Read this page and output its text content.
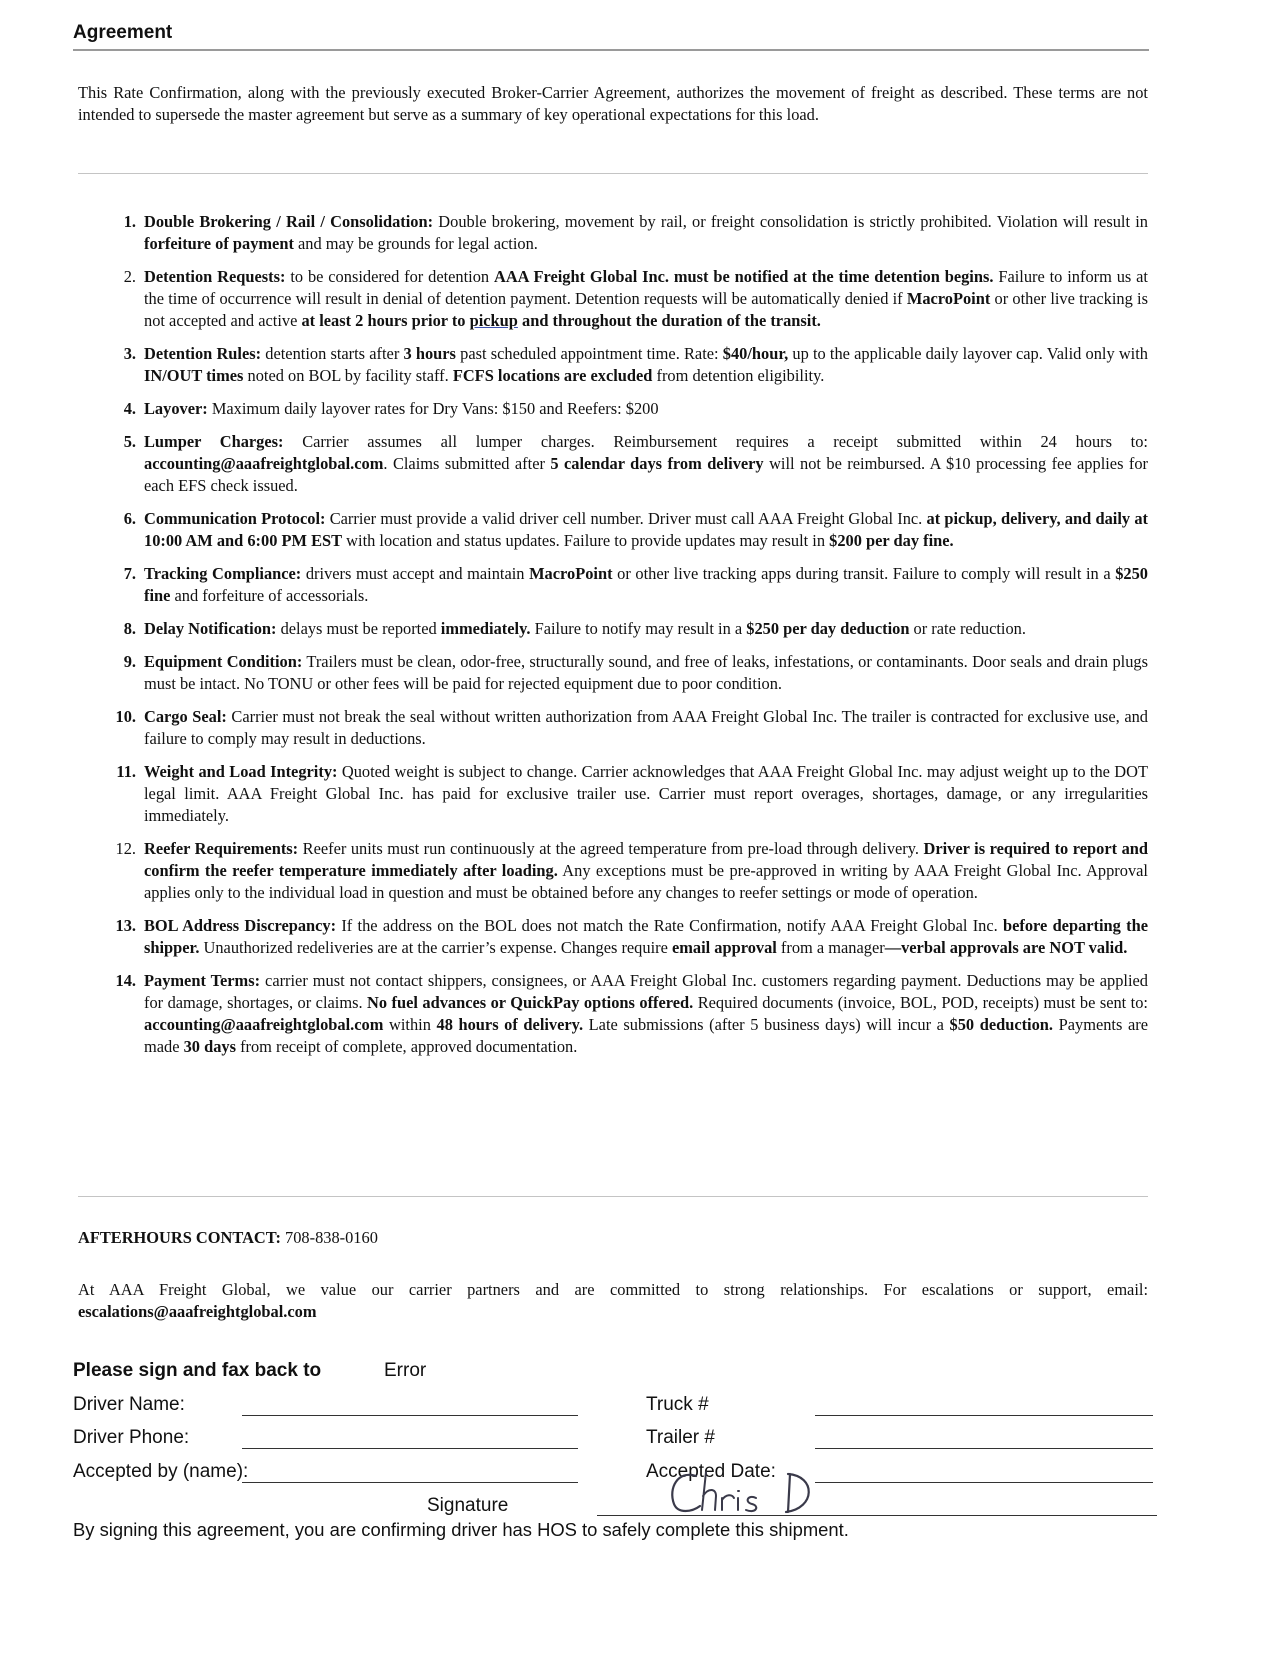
Agreement

This Rate Confirmation, along with the previously executed Broker-Carrier Agreement, authorizes the movement of freight as described. These terms are not intended to supersede the master agreement but serve as a summary of key operational expectations for this load.

1. Double Brokering / Rail / Consolidation: Double brokering, movement by rail, or freight consolidation is strictly prohibited. Violation will result in forfeiture of payment and may be grounds for legal action.
2. Detention Requests: to be considered for detention AAA Freight Global Inc. must be notified at the time detention begins. Failure to inform us at the time of occurrence will result in denial of detention payment. Detention requests will be automatically denied if MacroPoint or other live tracking is not accepted and active at least 2 hours prior to pickup and throughout the duration of the transit.
3. Detention Rules: detention starts after 3 hours past scheduled appointment time. Rate: $40/hour, up to the applicable daily layover cap. Valid only with IN/OUT times noted on BOL by facility staff. FCFS locations are excluded from detention eligibility.
4. Layover: Maximum daily layover rates for Dry Vans: $150 and Reefers: $200
5. Lumper Charges: Carrier assumes all lumper charges. Reimbursement requires a receipt submitted within 24 hours to: accounting@aaafreightglobal.com. Claims submitted after 5 calendar days from delivery will not be reimbursed. A $10 processing fee applies for each EFS check issued.
6. Communication Protocol: Carrier must provide a valid driver cell number. Driver must call AAA Freight Global Inc. at pickup, delivery, and daily at 10:00 AM and 6:00 PM EST with location and status updates. Failure to provide updates may result in $200 per day fine.
7. Tracking Compliance: drivers must accept and maintain MacroPoint or other live tracking apps during transit. Failure to comply will result in a $250 fine and forfeiture of accessorials.
8. Delay Notification: delays must be reported immediately. Failure to notify may result in a $250 per day deduction or rate reduction.
9. Equipment Condition: Trailers must be clean, odor-free, structurally sound, and free of leaks, infestations, or contaminants. Door seals and drain plugs must be intact. No TONU or other fees will be paid for rejected equipment due to poor condition.
10. Cargo Seal: Carrier must not break the seal without written authorization from AAA Freight Global Inc. The trailer is contracted for exclusive use, and failure to comply may result in deductions.
11. Weight and Load Integrity: Quoted weight is subject to change. Carrier acknowledges that AAA Freight Global Inc. may adjust weight up to the DOT legal limit. AAA Freight Global Inc. has paid for exclusive trailer use. Carrier must report overages, shortages, damage, or any irregularities immediately.
12. Reefer Requirements: Reefer units must run continuously at the agreed temperature from pre-load through delivery. Driver is required to report and confirm the reefer temperature immediately after loading. Any exceptions must be pre-approved in writing by AAA Freight Global Inc. Approval applies only to the individual load in question and must be obtained before any changes to reefer settings or mode of operation.
13. BOL Address Discrepancy: If the address on the BOL does not match the Rate Confirmation, notify AAA Freight Global Inc. before departing the shipper. Unauthorized redeliveries are at the carrier’s expense. Changes require email approval from a manager—verbal approvals are NOT valid.
14. Payment Terms: carrier must not contact shippers, consignees, or AAA Freight Global Inc. customers regarding payment. Deductions may be applied for damage, shortages, or claims. No fuel advances or QuickPay options offered. Required documents (invoice, BOL, POD, receipts) must be sent to: accounting@aaafreightglobal.com within 48 hours of delivery. Late submissions (after 5 business days) will incur a $50 deduction. Payments are made 30 days from receipt of complete, approved documentation.
AFTERHOURS CONTACT: 708-838-0160

At AAA Freight Global, we value our carrier partners and are committed to strong relationships. For escalations or support, email: escalations@aaafreightglobal.com

Please sign and fax back to	Error
Driver Name:	Truck #
Driver Phone:	Trailer #
Accepted by (name):	Accepted Date:
Signature
By signing this agreement, you are confirming driver has HOS to safely complete this shipment.
